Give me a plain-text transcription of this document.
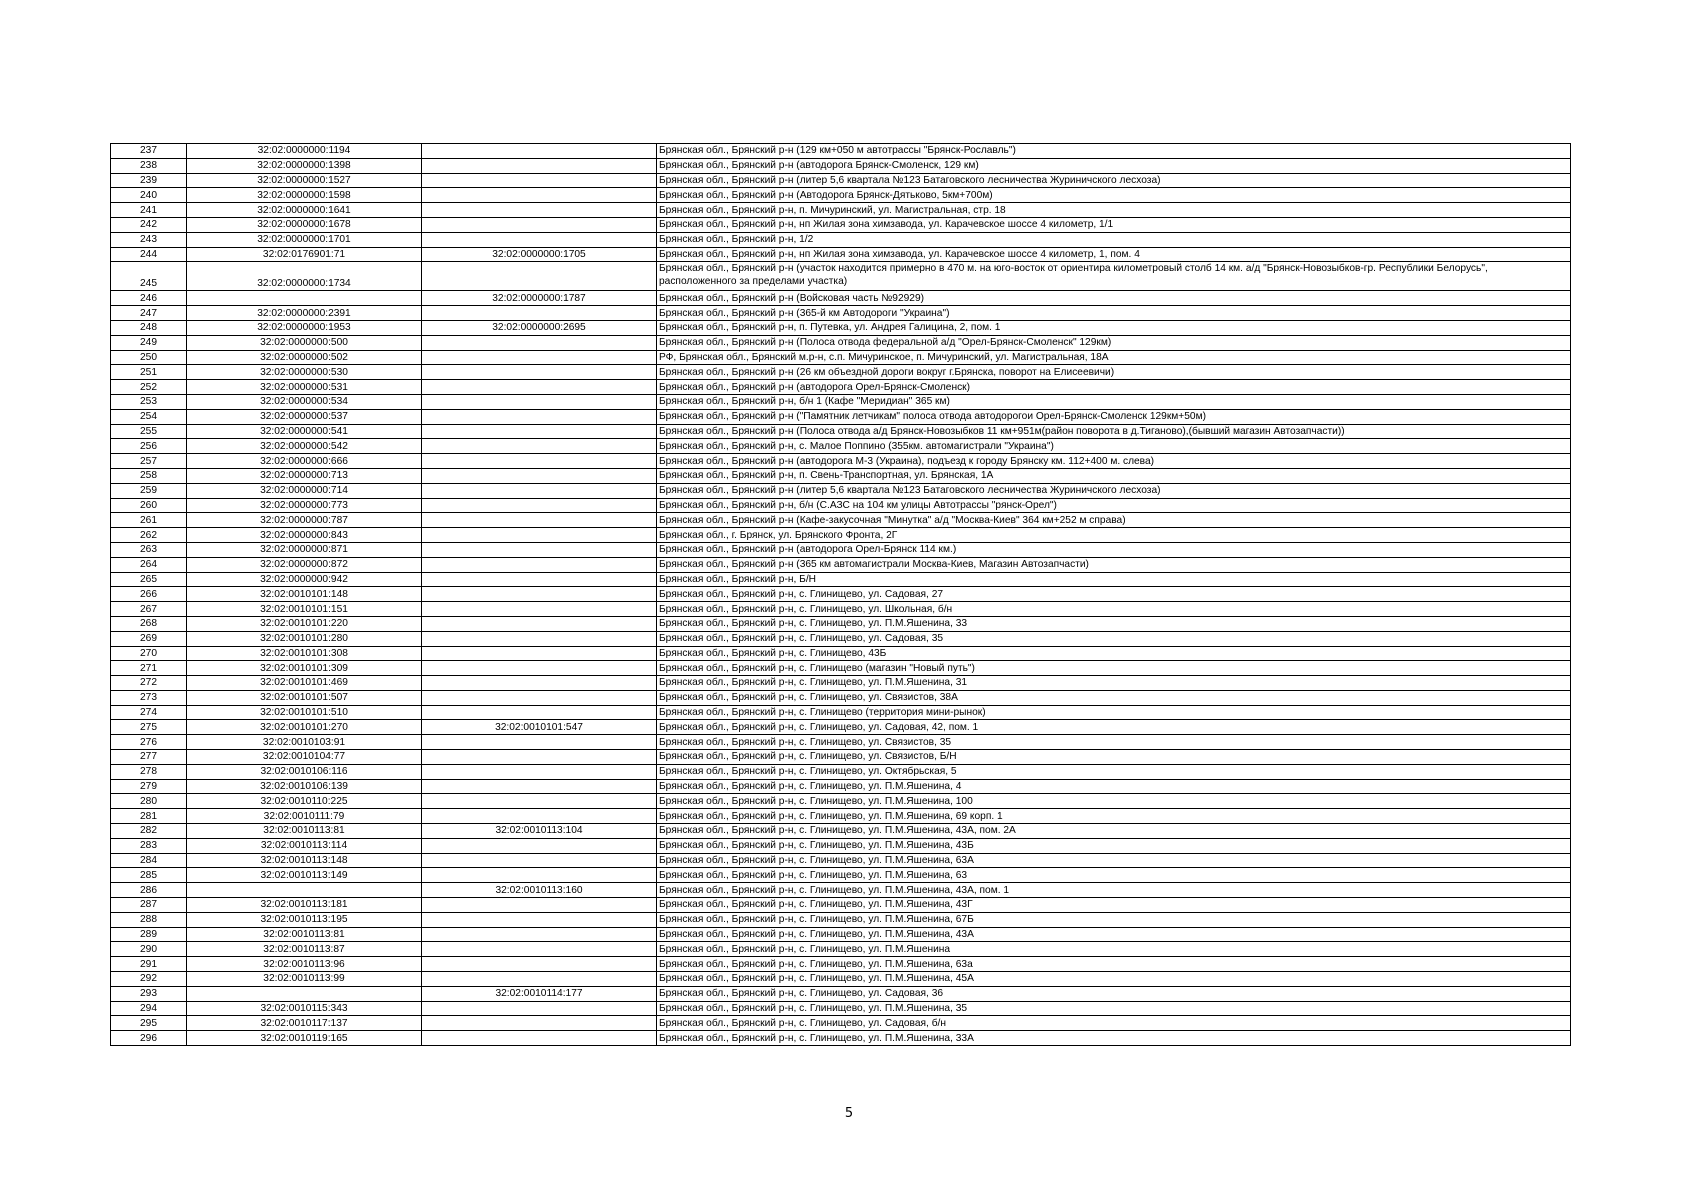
237	32:02:0000000:1194		Брянская обл., Брянский р-н (129 км+050 м автотрассы "Брянск-Рославль")
238	32:02:0000000:1398		Брянская обл., Брянский р-н (автодорога Брянск-Смоленск, 129 км)
239	32:02:0000000:1527		Брянская обл., Брянский р-н (литер 5,6 квартала №123 Батаговского лесничества Журиничского лесхоза)
240	32:02:0000000:1598		Брянская обл., Брянский р-н (Автодорога Брянск-Дятьково, 5км+700м)
241	32:02:0000000:1641		Брянская обл., Брянский р-н, п. Мичуринский, ул. Магистральная, стр. 18
242	32:02:0000000:1678		Брянская обл., Брянский р-н, нп Жилая зона химзавода, ул. Карачевское шоссе 4 километр, 1/1
243	32:02:0000000:1701		Брянская обл., Брянский р-н, 1/2
244	32:02:0176901:71	32:02:0000000:1705	Брянская обл., Брянский р-н, нп Жилая зона химзавода, ул. Карачевское шоссе 4 километр, 1, пом. 4
245	32:02:0000000:1734		Брянская обл., Брянский р-н (участок находится примерно в 470 м. на юго-восток от ориентира километровый столб 14 км. а/д "Брянск-Новозыбков-гр. Республики Белорусь", расположенного за пределами участка)
246		32:02:0000000:1787	Брянская обл., Брянский р-н (Войсковая часть №92929)
247	32:02:0000000:2391		Брянская обл., Брянский р-н (365-й км Автодороги "Украина")
248	32:02:0000000:1953	32:02:0000000:2695	Брянская обл., Брянский р-н, п. Путевка, ул. Андрея Галицина, 2, пом. 1
249	32:02:0000000:500		Брянская обл., Брянский р-н (Полоса отвода федеральной а/д "Орел-Брянск-Смоленск" 129км)
250	32:02:0000000:502		РФ, Брянская обл., Брянский м.р-н, с.п. Мичуринское, п. Мичуринский, ул. Магистральная, 18А
251	32:02:0000000:530		Брянская обл., Брянский р-н (26 км объездной дороги вокруг г.Брянска, поворот на Елисеевичи)
252	32:02:0000000:531		Брянская обл., Брянский р-н (автодорога Орел-Брянск-Смоленск)
253	32:02:0000000:534		Брянская обл., Брянский р-н, б/н 1 (Кафе "Меридиан" 365 км)
254	32:02:0000000:537		Брянская обл., Брянский р-н ("Памятник летчикам" полоса отвода автодорогои Орел-Брянск-Смоленск 129км+50м)
255	32:02:0000000:541		Брянская обл., Брянский р-н (Полоса отвода а/д Брянск-Новозыбков 11 км+951м(район поворота в д.Тиганово),(бывший магазин Автозапчасти))
256	32:02:0000000:542		Брянская обл., Брянский р-н, с. Малое Поппино (355км. автомагистрали "Украина")
257	32:02:0000000:666		Брянская обл., Брянский р-н (автодорога М-3 (Украина), подъезд к городу Брянску км. 112+400 м. слева)
258	32:02:0000000:713		Брянская обл., Брянский р-н, п. Свень-Транспортная, ул. Брянская, 1А
259	32:02:0000000:714		Брянская обл., Брянский р-н (литер 5,6 квартала №123 Батаговского лесничества Журиничского лесхоза)
260	32:02:0000000:773		Брянская обл., Брянский р-н, б/н (С.АЗС на 104 км улицы Автотрассы "рянск-Орел")
261	32:02:0000000:787		Брянская обл., Брянский р-н (Кафе-закусочная "Минутка" а/д "Москва-Киев" 364 км+252 м справа)
262	32:02:0000000:843		Брянская обл., г. Брянск, ул. Брянского Фронта, 2Г
263	32:02:0000000:871		Брянская обл., Брянский р-н (автодорога Орел-Брянск 114 км.)
264	32:02:0000000:872		Брянская обл., Брянский р-н (365 км автомагистрали Москва-Киев, Магазин Автозапчасти)
265	32:02:0000000:942		Брянская обл., Брянский р-н, Б/Н
266	32:02:0010101:148		Брянская обл., Брянский р-н, с. Глинищево, ул. Садовая, 27
267	32:02:0010101:151		Брянская обл., Брянский р-н, с. Глинищево, ул. Школьная, б/н
268	32:02:0010101:220		Брянская обл., Брянский р-н, с. Глинищево, ул. П.М.Яшенина, 33
269	32:02:0010101:280		Брянская обл., Брянский р-н, с. Глинищево, ул. Садовая, 35
270	32:02:0010101:308		Брянская обл., Брянский р-н, с. Глинищево, 43Б
271	32:02:0010101:309		Брянская обл., Брянский р-н, с. Глинищево (магазин "Новый путь")
272	32:02:0010101:469		Брянская обл., Брянский р-н, с. Глинищево, ул. П.М.Яшенина, 31
273	32:02:0010101:507		Брянская обл., Брянский р-н, с. Глинищево, ул. Связистов, 38А
274	32:02:0010101:510		Брянская обл., Брянский р-н, с. Глинищево (территория мини-рынок)
275	32:02:0010101:270	32:02:0010101:547	Брянская обл., Брянский р-н, с. Глинищево, ул. Садовая, 42, пом. 1
276	32:02:0010103:91		Брянская обл., Брянский р-н, с. Глинищево, ул. Связистов, 35
277	32:02:0010104:77		Брянская обл., Брянский р-н, с. Глинищево, ул. Связистов, Б/Н
278	32:02:0010106:116		Брянская обл., Брянский р-н, с. Глинищево, ул. Октябрьская, 5
279	32:02:0010106:139		Брянская обл., Брянский р-н, с. Глинищево, ул. П.М.Яшенина, 4
280	32:02:0010110:225		Брянская обл., Брянский р-н, с. Глинищево, ул. П.М.Яшенина, 100
281	32:02:0010111:79		Брянская обл., Брянский р-н, с. Глинищево, ул. П.М.Яшенина, 69 корп. 1
282	32:02:0010113:81	32:02:0010113:104	Брянская обл., Брянский р-н, с. Глинищево, ул. П.М.Яшенина, 43А, пом. 2А
283	32:02:0010113:114		Брянская обл., Брянский р-н, с. Глинищево, ул. П.М.Яшенина, 43Б
284	32:02:0010113:148		Брянская обл., Брянский р-н, с. Глинищево, ул. П.М.Яшенина, 63А
285	32:02:0010113:149		Брянская обл., Брянский р-н, с. Глинищево, ул. П.М.Яшенина, 63
286		32:02:0010113:160	Брянская обл., Брянский р-н, с. Глинищево, ул. П.М.Яшенина, 43А, пом. 1
287	32:02:0010113:181		Брянская обл., Брянский р-н, с. Глинищево, ул. П.М.Яшенина, 43Г
288	32:02:0010113:195		Брянская обл., Брянский р-н, с. Глинищево, ул. П.М.Яшенина, 67Б
289	32:02:0010113:81		Брянская обл., Брянский р-н, с. Глинищево, ул. П.М.Яшенина, 43А
290	32:02:0010113:87		Брянская обл., Брянский р-н, с. Глинищево, ул. П.М.Яшенина
291	32:02:0010113:96		Брянская обл., Брянский р-н, с. Глинищево, ул. П.М.Яшенина, 63а
292	32:02:0010113:99		Брянская обл., Брянский р-н, с. Глинищево, ул. П.М.Яшенина, 45А
293		32:02:0010114:177	Брянская обл., Брянский р-н, с. Глинищево, ул. Садовая, 36
294	32:02:0010115:343		Брянская обл., Брянский р-н, с. Глинищево, ул. П.М.Яшенина, 35
295	32:02:0010117:137		Брянская обл., Брянский р-н, с. Глинищево, ул. Садовая, б/н
296	32:02:0010119:165		Брянская обл., Брянский р-н, с. Глинищево, ул. П.М.Яшенина, 33А
5
